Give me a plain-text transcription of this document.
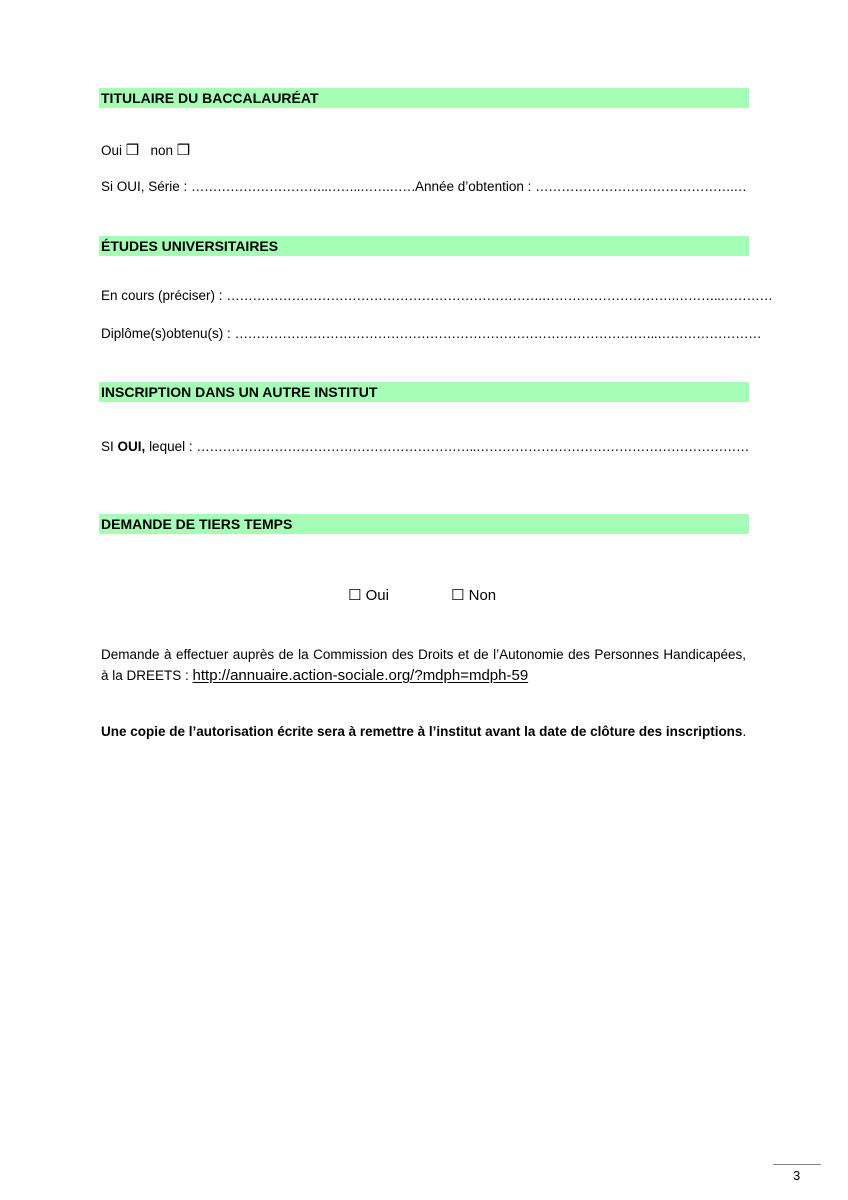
TITULAIRE DU BACCALAURÉAT
Oui ❒ non ❒
Si OUI, Série : …………………………..……..…….…… Année d’obtention : ……………………………………….…
ÉTUDES UNIVERSITAIRES
En cours (préciser) : ……………………………………………………………….………………………….………..…………
Diplôme(s)obtenu(s) : ……………………………………………………………………………………..……………………
INSCRIPTION DANS UN AUTRE INSTITUT
SI OUI, lequel : ………………………………………………………..………………………………………………………
DEMANDE DE TIERS TEMPS
☐ Oui	☐ Non
Demande à effectuer auprès de la Commission des Droits et de l’Autonomie des Personnes Handicapées, à la DREETS : http://annuaire.action-sociale.org/?mdph=mdph-59
Une copie de l’autorisation écrite sera à remettre à l’institut avant la date de clôture des inscriptions.
3
